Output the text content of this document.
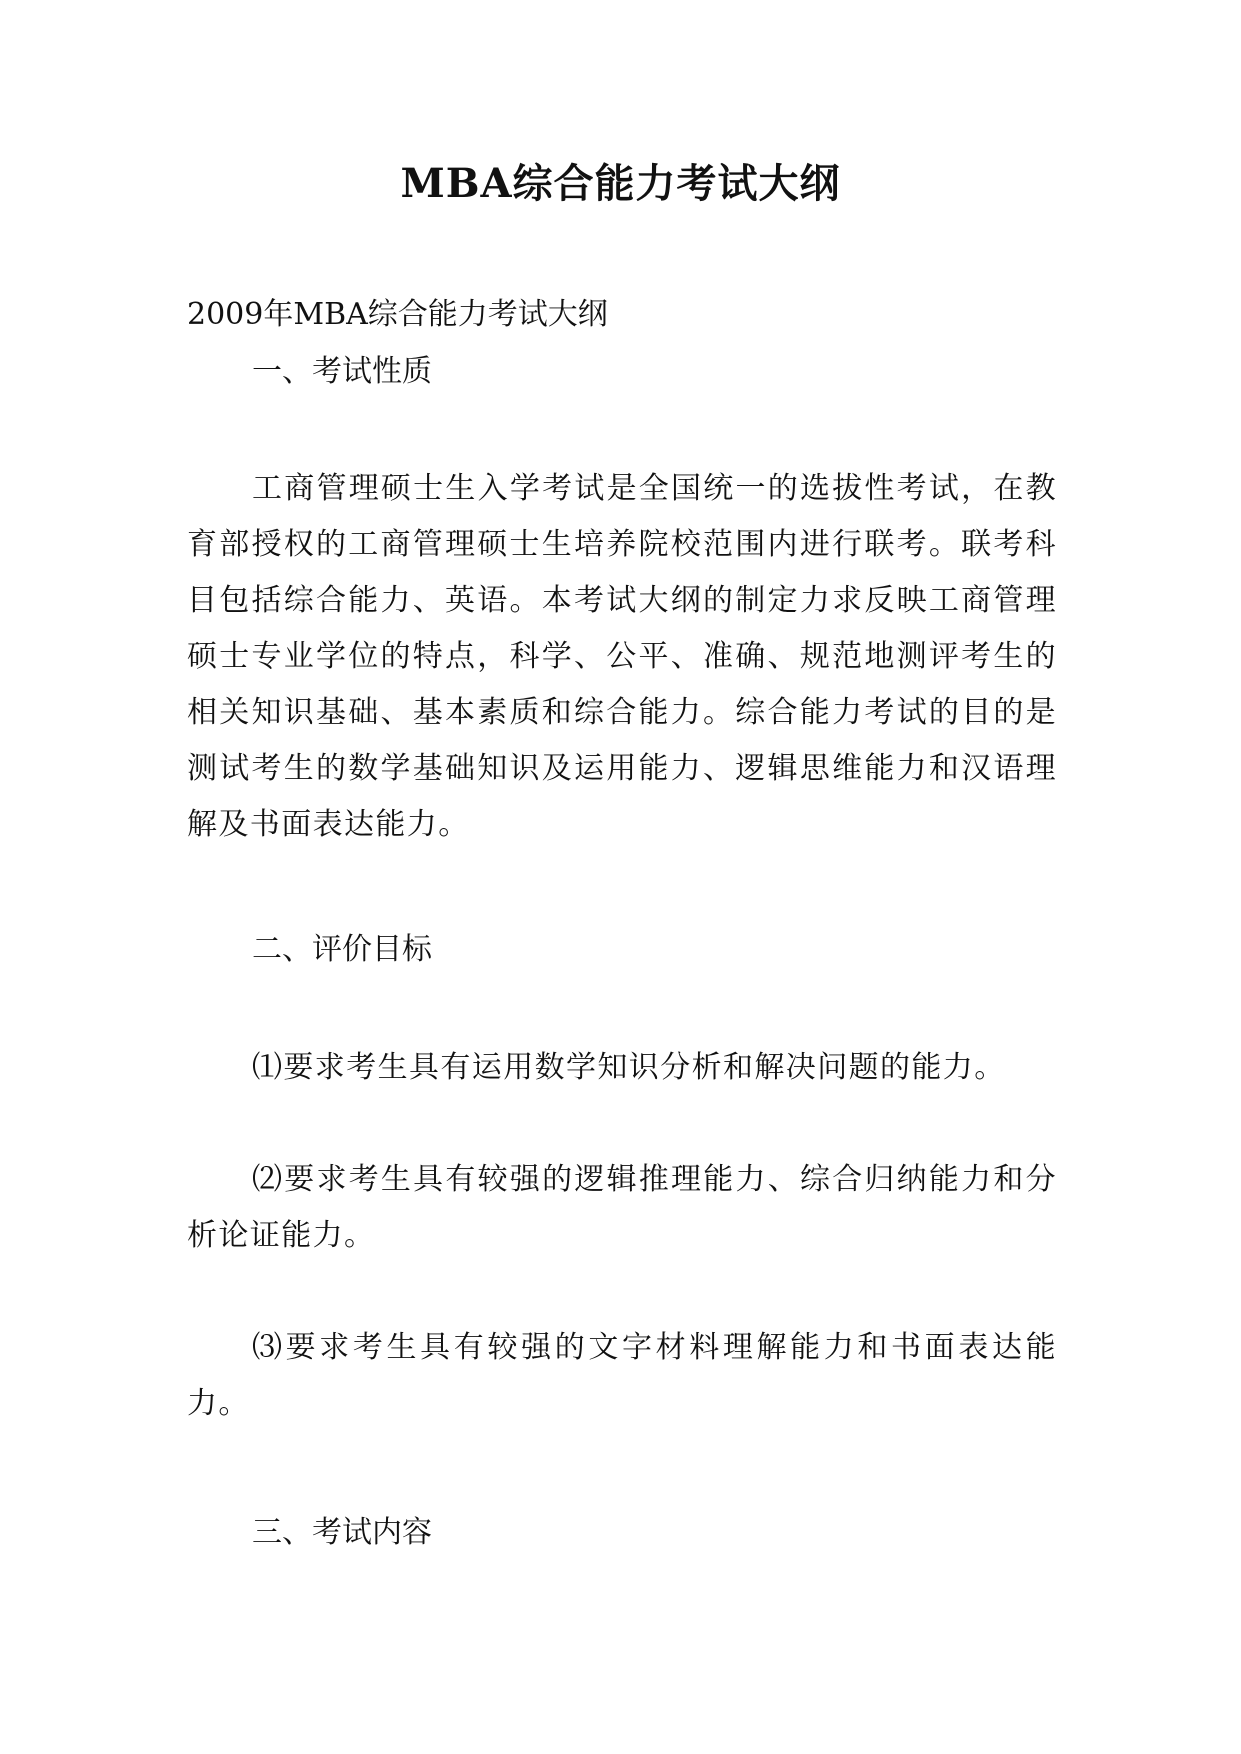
MBA综合能力考试大纲
2009年MBA综合能力考试大纲
一、考试性质
工商管理硕士生入学考试是全国统一的选拔性考试，在教育部授权的工商管理硕士生培养院校范围内进行联考。联考科目包括综合能力、英语。本考试大纲的制定力求反映工商管理硕士专业学位的特点，科学、公平、准确、规范地测评考生的相关知识基础、基本素质和综合能力。综合能力考试的目的是测试考生的数学基础知识及运用能力、逻辑思维能力和汉语理解及书面表达能力。
二、评价目标
⑴要求考生具有运用数学知识分析和解决问题的能力。
⑵要求考生具有较强的逻辑推理能力、综合归纳能力和分析论证能力。
⑶要求考生具有较强的文字材料理解能力和书面表达能力。
三、考试内容
